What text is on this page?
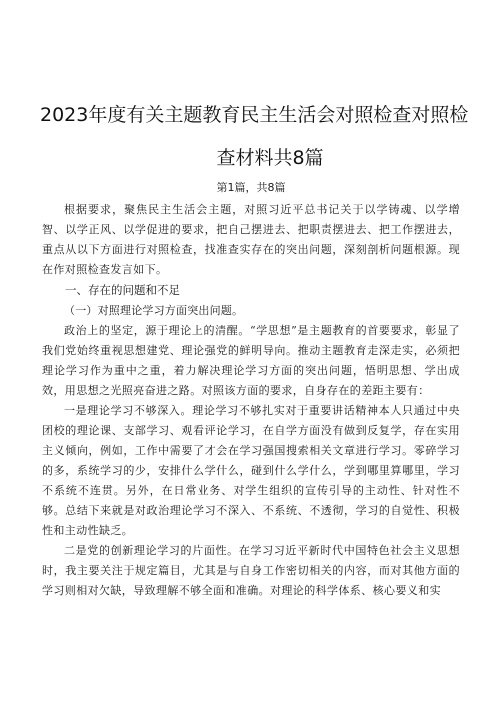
2023年度有关主题教育民主生活会对照检查对照检
查材料共8篇
第1篇，共8篇

根据要求，聚焦民主生活会主题，对照习近平总书记关于以学铸魂、以学增智、以学正风、以学促进的要求，把自己摆进去、把职责摆进去、把工作摆进去，重点从以下方面进行对照检查，找准查实存在的突出问题，深刻剖析问题根源。现在作对照检查发言如下。

一、存在的问题和不足

（一）对照理论学习方面突出问题。

政治上的坚定，源于理论上的清醒。“学思想”是主题教育的首要要求，彰显了我们党始终重视思想建党、理论强党的鲜明导向。推动主题教育走深走实，必须把理论学习作为重中之重，着力解决理论学习方面的突出问题，悟明思想、学出成效，用思想之光照亮奋进之路。对照该方面的要求，自身存在的差距主要有：

一是理论学习不够深入。理论学习不够扎实对于重要讲话精神本人只通过中央团校的理论课、支部学习、观看评论学习，在自学方面没有做到反复学，存在实用主义倾向，例如，工作中需要了才会在学习强国搜索相关文章进行学习。零碎学习的多，系统学习的少，安排什么学什么，碰到什么学什么，学到哪里算哪里，学习不系统不连贯。另外，在日常业务、对学生组织的宣传引导的主动性、针对性不够。总结下来就是对政治理论学习不深入、不系统、不透彻，学习的自觉性、积极性和主动性缺乏。

二是党的创新理论学习的片面性。在学习习近平新时代中国特色社会主义思想时，我主要关注于规定篇目，尤其是与自身工作密切相关的内容，而对其他方面的学习则相对欠缺，导致理解不够全面和准确。对理论的科学体系、核心要义和实
